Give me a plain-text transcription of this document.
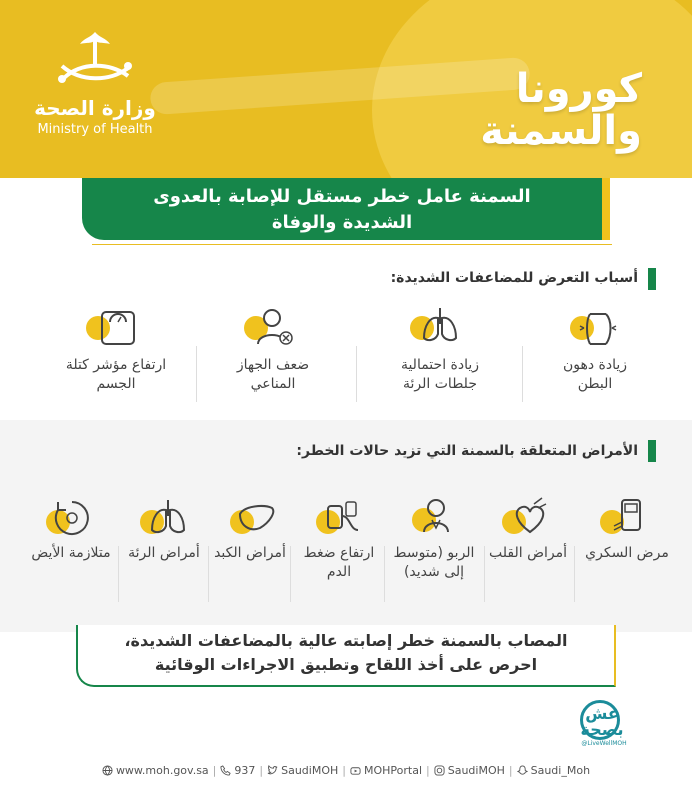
وزارة الصحة
Ministry of Health
كورونا
والسمنة
السمنة عامل خطر مستقل للإصابة بالعدوى
الشديدة والوفاة
أسباب التعرض للمضاعفات الشديدة:
زيادة دهون البطن
زيادة احتمالية جلطات الرئة
ضعف الجهاز المناعي
ارتفاع مؤشر كتلة الجسم
الأمراض المتعلقة بالسمنة التي تزيد حالات الخطر:
مرض السكري
أمراض القلب
الربو (متوسط إلى شديد)
ارتفاع ضغط الدم
أمراض الكبد
أمراض الرئة
متلازمة الأيض
المصاب بالسمنة خطر إصابته عالية بالمضاعفات الشديدة،
احرص على أخذ اللقاح وتطبيق الاجراءات الوقائية
عش
بصحة
@LiveWellMOH
www.moh.gov.sa | 937 | SaudiMOH | MOHPortal | SaudiMOH | Saudi_Moh
